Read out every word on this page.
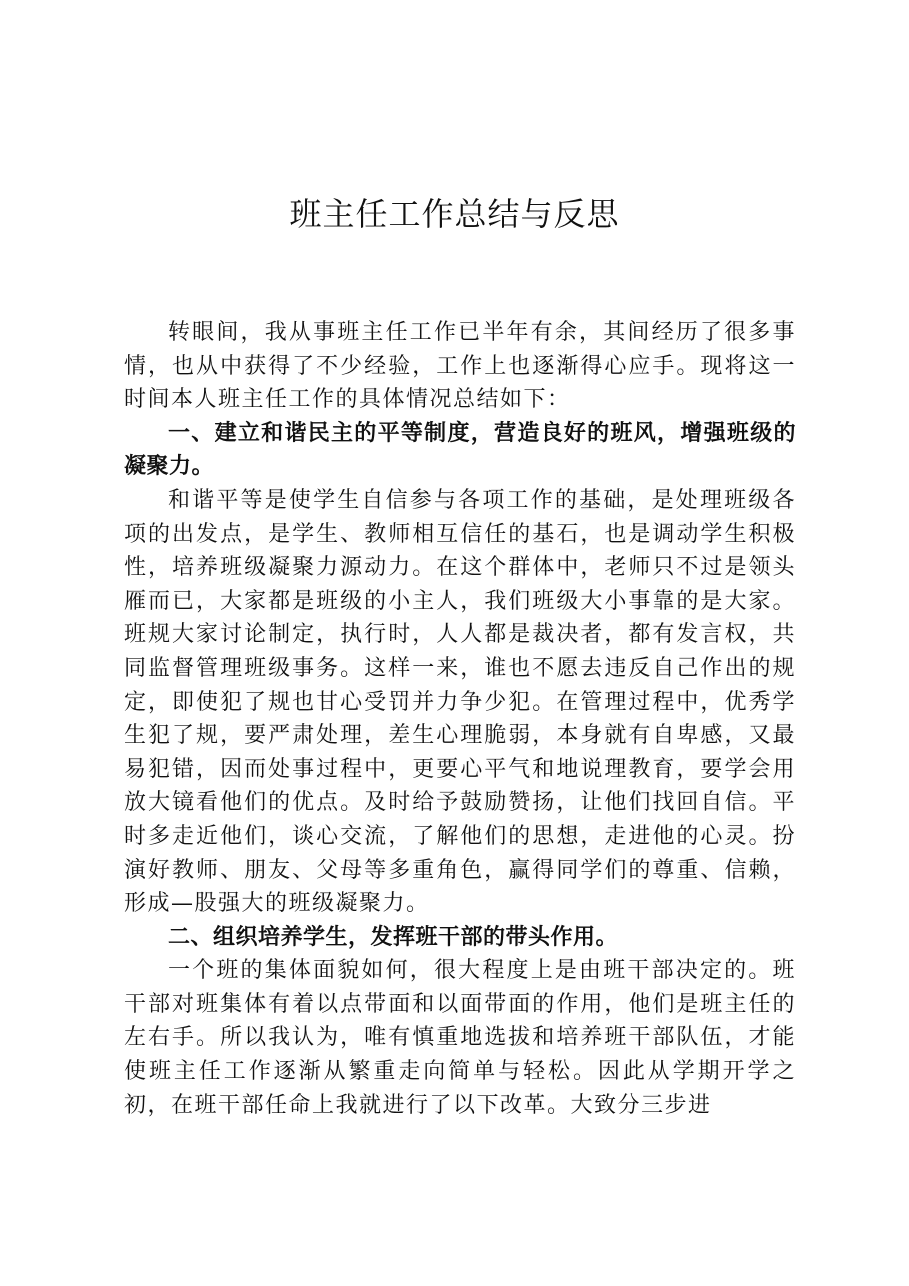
班主任工作总结与反思

转眼间，我从事班主任工作已半年有余，其间经历了很多事情，也从中获得了不少经验，工作上也逐渐得心应手。现将这一时间本人班主任工作的具体情况总结如下：

一、建立和谐民主的平等制度，营造良好的班风，增强班级的凝聚力。

和谐平等是使学生自信参与各项工作的基础，是处理班级各项的出发点，是学生、教师相互信任的基石，也是调动学生积极性，培养班级凝聚力源动力。在这个群体中，老师只不过是领头雁而已，大家都是班级的小主人，我们班级大小事靠的是大家。班规大家讨论制定，执行时，人人都是裁决者，都有发言权，共同监督管理班级事务。这样一来，谁也不愿去违反自己作出的规定，即使犯了规也甘心受罚并力争少犯。在管理过程中，优秀学生犯了规，要严肃处理，差生心理脆弱，本身就有自卑感，又最易犯错，因而处事过程中，更要心平气和地说理教育，要学会用放大镜看他们的优点。及时给予鼓励赞扬，让他们找回自信。平时多走近他们，谈心交流，了解他们的思想，走进他的心灵。扮演好教师、朋友、父母等多重角色，赢得同学们的尊重、信赖，形成—股强大的班级凝聚力。

二、组织培养学生，发挥班干部的带头作用。

一个班的集体面貌如何，很大程度上是由班干部决定的。班干部对班集体有着以点带面和以面带面的作用，他们是班主任的左右手。所以我认为，唯有慎重地选拔和培养班干部队伍，才能使班主任工作逐渐从繁重走向简单与轻松。因此从学期开学之初，在班干部任命上我就进行了以下改革。大致分三步进
